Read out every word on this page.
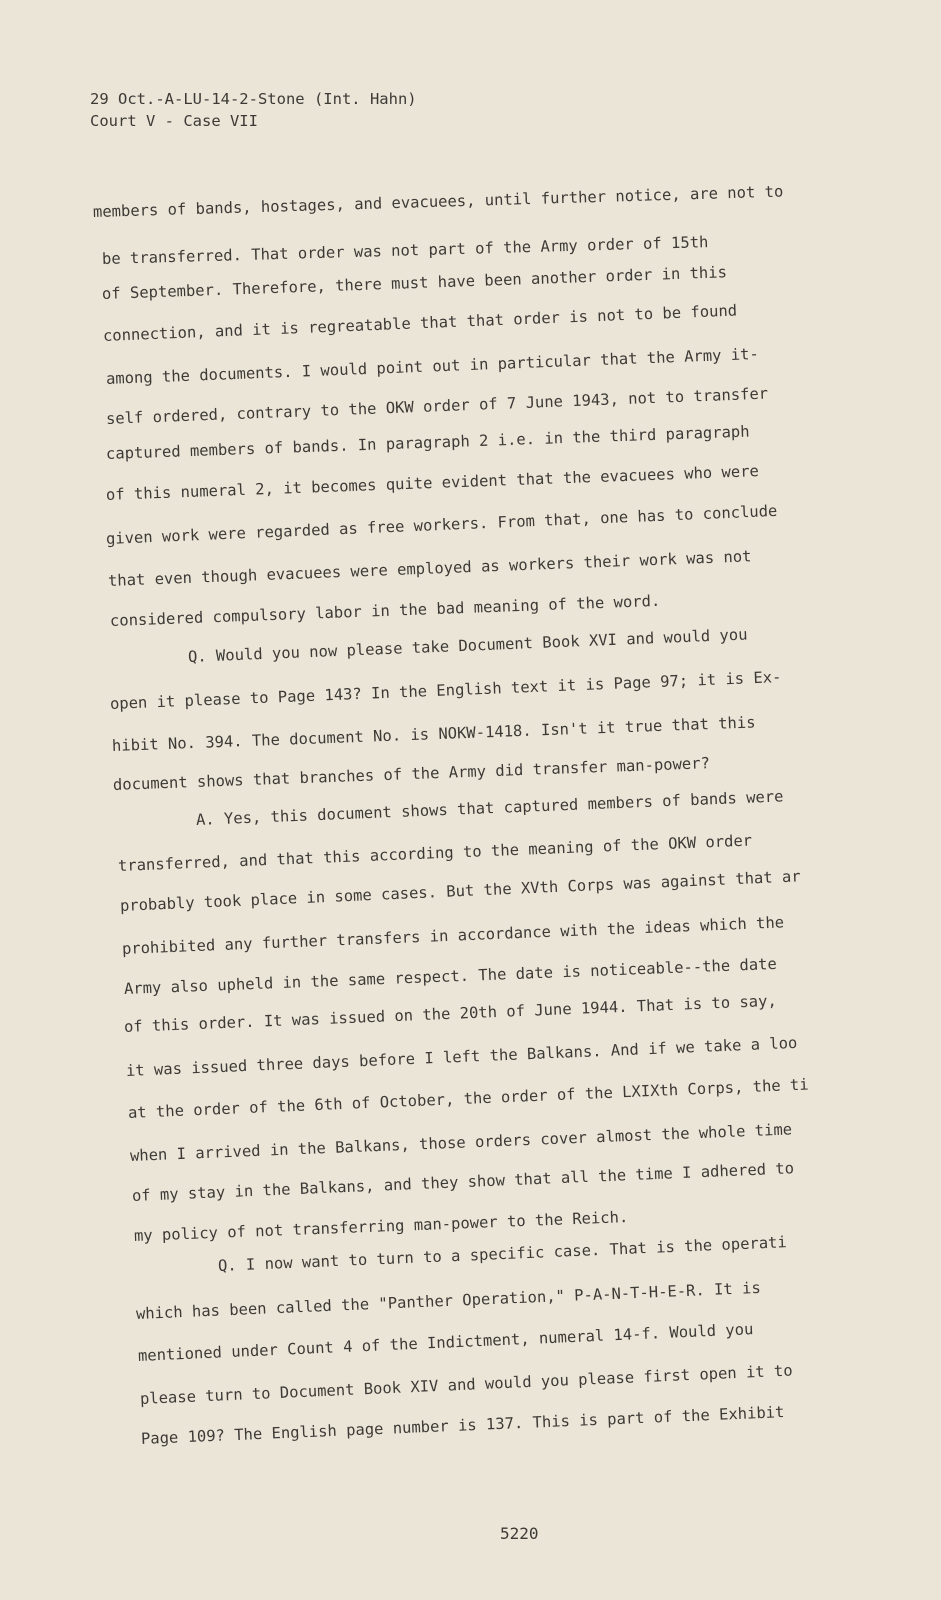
29 Oct.-A-LU-14-2-Stone (Int. Hahn)
Court V - Case VII
members of bands, hostages, and evacuees, until further notice, are not to
be transferred. That order was not part of the Army order of 15th
of September. Therefore, there must have been another order in this
connection, and it is regreatable that that order is not to be found
among the documents. I would point out in particular that the Army it-
self ordered, contrary to the OKW order of 7 June 1943, not to transfer
captured members of bands. In paragraph 2 i.e. in the third paragraph
of this numeral 2, it becomes quite evident that the evacuees who were
given work were regarded as free workers. From that, one has to conclude
that even though evacuees were employed as workers their work was not
considered compulsory labor in the bad meaning of the word.
Q. Would you now please take Document Book XVI and would you
open it please to Page 143? In the English text it is Page 97; it is Ex-
hibit No. 394. The document No. is NOKW-1418. Isn't it true that this
document shows that branches of the Army did transfer man-power?
A. Yes, this document shows that captured members of bands were
transferred, and that this according to the meaning of the OKW order
probably took place in some cases. But the XVth Corps was against that ar
prohibited any further transfers in accordance with the ideas which the
Army also upheld in the same respect. The date is noticeable--the date
of this order. It was issued on the 20th of June 1944. That is to say,
it was issued three days before I left the Balkans. And if we take a loo
at the order of the 6th of October, the order of the LXIXth Corps, the ti
when I arrived in the Balkans, those orders cover almost the whole time
of my stay in the Balkans, and they show that all the time I adhered to
my policy of not transferring man-power to the Reich.
Q. I now want to turn to a specific case. That is the operati
which has been called the "Panther Operation," P-A-N-T-H-E-R. It is
mentioned under Count 4 of the Indictment, numeral 14-f. Would you
please turn to Document Book XIV and would you please first open it to
Page 109? The English page number is 137. This is part of the Exhibit
5220
